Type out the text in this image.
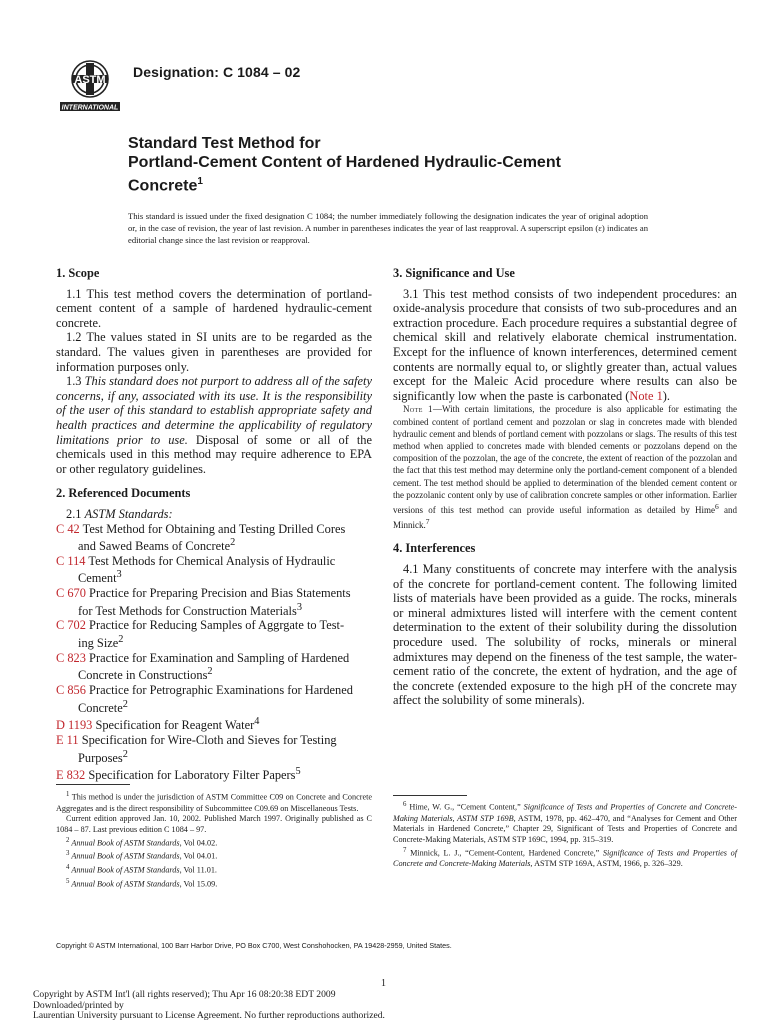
ASTM
INTERNATIONAL
Designation: C 1084 – 02
Standard Test Method for
Portland-Cement Content of Hardened Hydraulic-Cement
Concrete$^1$
This standard is issued under the fixed designation C 1084; the number immediately following the designation indicates the year of original adoption or, in the case of revision, the year of last revision. A number in parentheses indicates the year of last reapproval. A superscript epsilon (ε) indicates an editorial change since the last revision or reapproval.
1. Scope

1.1 This test method covers the determination of portland-cement content of a sample of hardened hydraulic-cement concrete.

1.2 The values stated in SI units are to be regarded as the standard. The values given in parentheses are provided for information purposes only.

1.3 This standard does not purport to address all of the safety concerns, if any, associated with its use. It is the responsibility of the user of this standard to establish appropriate safety and health practices and determine the applicability of regulatory limitations prior to use. Disposal of some or all of the chemicals used in this method may require adherence to EPA or other regulatory guidelines.

2. Referenced Documents

2.1 ASTM Standards:

C 42 Test Method for Obtaining and Testing Drilled Cores
and Sawed Beams of Concrete$^2$
C 114 Test Methods for Chemical Analysis of Hydraulic
Cement$^3$
C 670 Practice for Preparing Precision and Bias Statements
for Test Methods for Construction Materials$^3$
C 702 Practice for Reducing Samples of Aggrgate to Test-
ing Size$^2$
C 823 Practice for Examination and Sampling of Hardened
Concrete in Constructions$^2$
C 856 Practice for Petrographic Examinations for Hardened
Concrete$^2$
D 1193 Specification for Reagent Water$^4$
E 11 Specification for Wire-Cloth and Sieves for Testing
Purposes$^2$
E 832 Specification for Laboratory Filter Papers$^5$
3. Significance and Use

3.1 This test method consists of two independent procedures: an oxide-analysis procedure that consists of two sub-procedures and an extraction procedure. Each procedure requires a substantial degree of chemical skill and relatively elaborate chemical instrumentation. Except for the influence of known interferences, determined cement contents are normally equal to, or slightly greater than, actual values except for the Maleic Acid procedure where results can also be significantly low when the paste is carbonated (Note 1).

Note 1—With certain limitations, the procedure is also applicable for estimating the combined content of portland cement and pozzolan or slag in concretes made with blended hydraulic cement and blends of portland cement with pozzolans or slags. The results of this test method when applied to concretes made with blended cements or pozzolans depend on the composition of the pozzolan, the age of the concrete, the extent of reaction of the pozzolan and the fact that this test method may determine only the portland-cement component of a blended cement. The test method should be applied to determination of the blended cement content or the pozzolanic content only by use of calibration concrete samples or other information. Earlier versions of this test method can provide useful information as detailed by Hime$^6$ and Minnick.$^7$

4. Interferences

4.1 Many constituents of concrete may interfere with the analysis of the concrete for portland-cement content. The following limited lists of materials have been provided as a guide. The rocks, minerals or mineral admixtures listed will interfere with the cement content determination to the extent of their solubility during the dissolution procedure used. The solubility of rocks, minerals or mineral admixtures may depend on the fineness of the test sample, the water-cement ratio of the concrete, the extent of hydration, and the age of the concrete (extended exposure to the high pH of the concrete may affect the solubility of some minerals).

$^1$ This method is under the jurisdiction of ASTM Committee C09 on Concrete and Concrete Aggregates and is the direct responsibility of Subcommittee C09.69 on Miscellaneous Tests.

Current edition approved Jan. 10, 2002. Published March 1997. Originally published as C 1084 – 87. Last previous edition C 1084 – 97.

$^2$ Annual Book of ASTM Standards, Vol 04.02.

$^3$ Annual Book of ASTM Standards, Vol 04.01.

$^4$ Annual Book of ASTM Standards, Vol 11.01.

$^5$ Annual Book of ASTM Standards, Vol 15.09.

$^6$ Hime, W. G., “Cement Content,” Significance of Tests and Properties of Concrete and Concrete-Making Materials, ASTM STP 169B, ASTM, 1978, pp. 462–470, and “Analyses for Cement and Other Materials in Hardened Concrete,” Chapter 29, Significant of Tests and Properties of Concrete and Concrete-Making Materials, ASTM STP 169C, 1994, pp. 315–319.

$^7$ Minnick, L. J., “Cement-Content, Hardened Concrete,” Significance of Tests and Properties of Concrete and Concrete-Making Materials, ASTM STP 169A, ASTM, 1966, p. 326–329.

Copyright © ASTM International, 100 Barr Harbor Drive, PO Box C700, West Conshohocken, PA 19428-2959, United States.
1
Copyright by ASTM Int'l (all rights reserved); Thu Apr 16 08:20:38 EDT 2009
Downloaded/printed by
Laurentian University pursuant to License Agreement. No further reproductions authorized.
